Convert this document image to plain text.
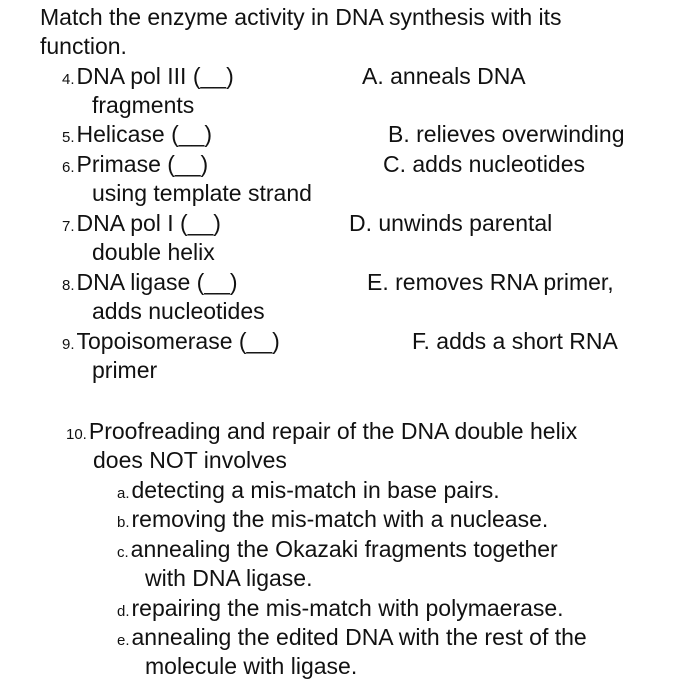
Match the enzyme activity in DNA synthesis with its
function.
4.DNA pol III (__)
fragments
5.Helicase (__)
6.Primase (__)
using template strand
7.DNA pol I (__)
double helix
8.DNA ligase (__)
adds nucleotides
9.Topoisomerase (__)
primer
A. anneals DNA
B. relieves overwinding
C. adds nucleotides
D. unwinds parental
E. removes RNA primer,
F. adds a short RNA
10.Proofreading and repair of the DNA double helix
does NOT involves
a.detecting a mis-match in base pairs.
b.removing the mis-match with a nuclease.
c.annealing the Okazaki fragments together
with DNA ligase.
d.repairing the mis-match with polymaerase.
e.annealing the edited DNA with the rest of the
molecule with ligase.
